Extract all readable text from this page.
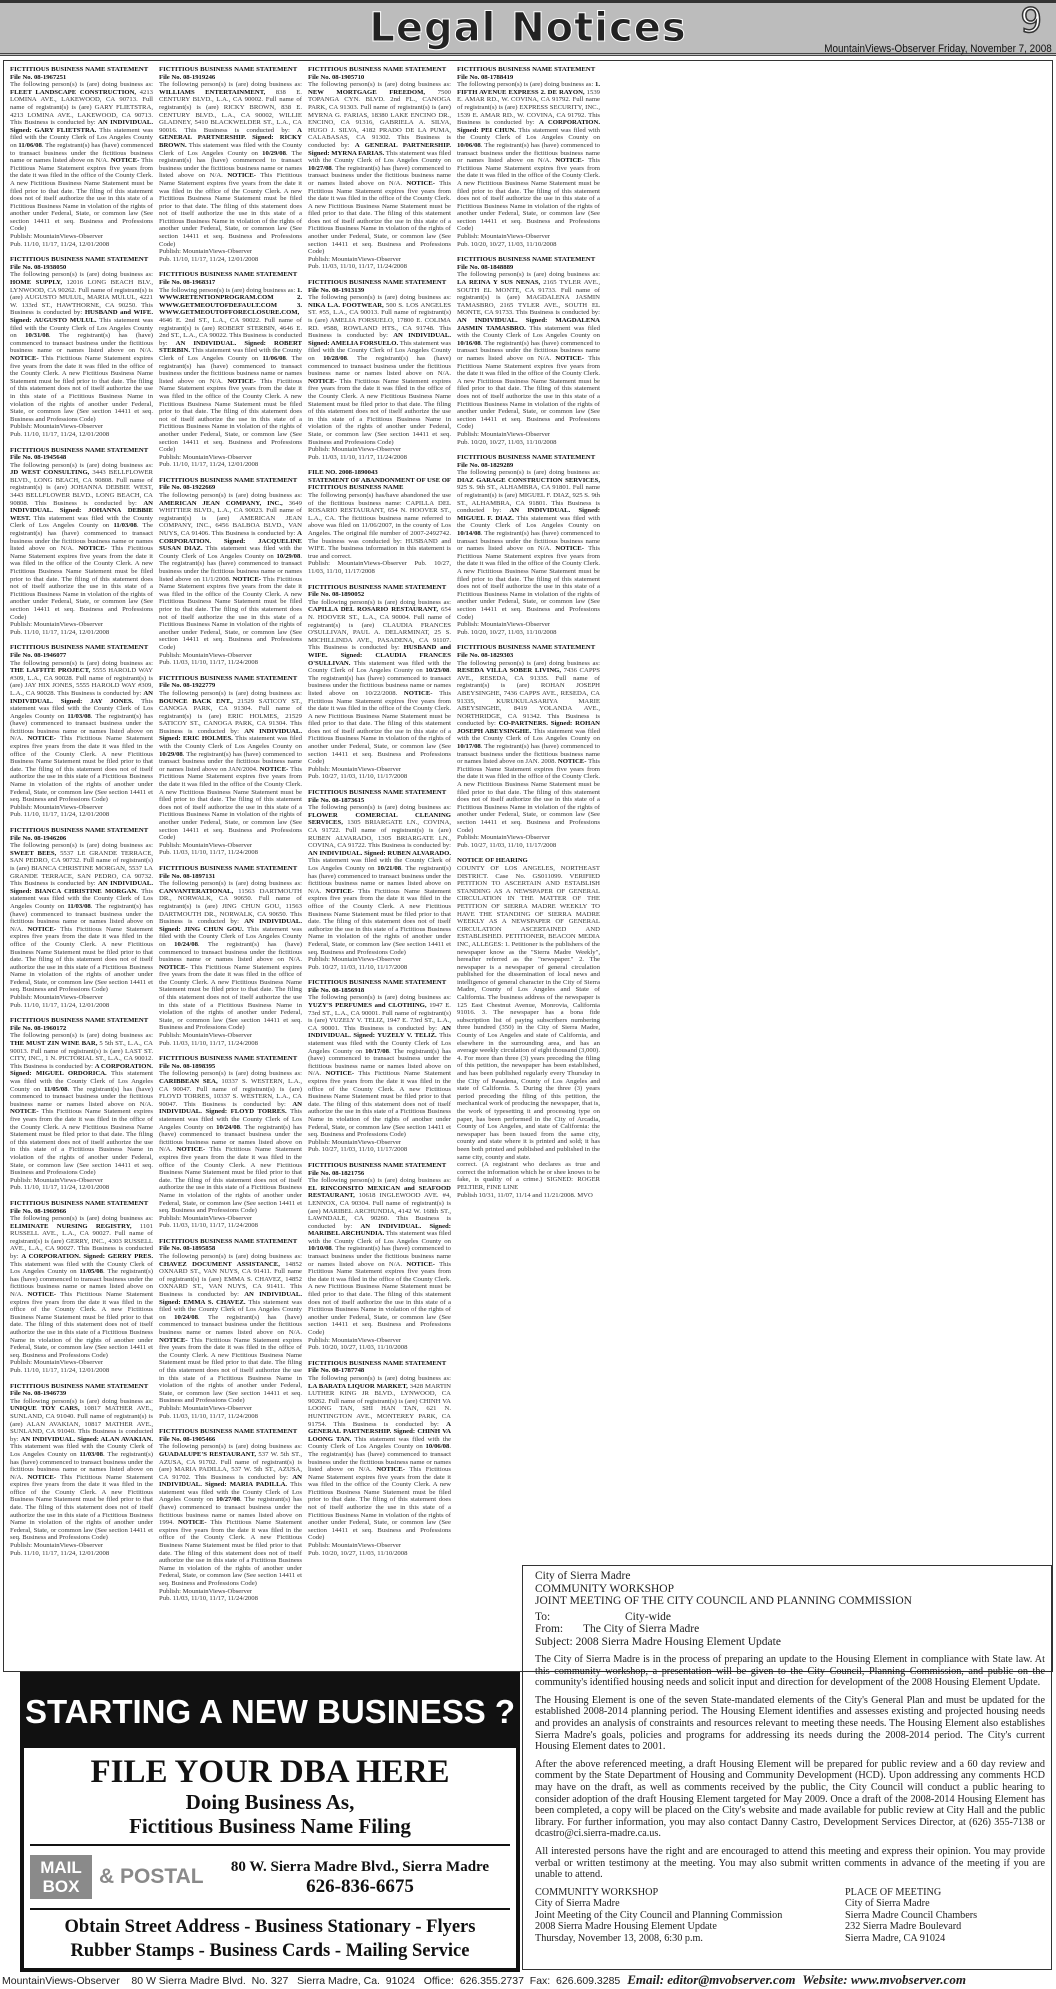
Legal Notices	9
MountainViews-Observer Friday, November 7, 2008
FICTITIOUS BUSINESS NAME STATEMENT
File No. 08-1967251
The following person(s) is (are) doing business as: FLEET LANDSCAPE CONSTRUCTION, 4213 LOMINA AVE., LAKEWOOD, CA 90713. Full name of registrant(s) is (are) GARY FLIETSTRA, 4213 LOMINA AVE., LAKEWOOD, CA 90713. This Business is conducted by: AN INDIVIDUAL. Signed: GARY FLIETSTRA. This statement was filed with the County Clerk of Los Angeles County on 11/06/08. The registrant(s) has (have) commenced to transact business under the fictitious business name or names listed above on N/A. NOTICE- This Fictitious Name Statement expires five years from the date it was filed in the office of the County Clerk. A new Fictitious Business Name Statement must be filed prior to that date. The filing of this statement does not of itself authorize the use in this state of a Fictitious Business Name in violation of the rights of another under Federal, State, or common law (See section 14411 et seq. Business and Professions Code)
Publish: MountainViews-Observer
Pub. 11/10, 11/17, 11/24, 12/01/2008
FICTITIOUS BUSINESS NAME STATEMENT
File No. 08-1938050
The following person(s) is (are) doing business as: HOME SUPPLY, 12016 LONG BEACH BLV., LYNWOOD, CA 90262. Full name of registrant(s) is (are) AUGUSTO MULUL, MARIA MULUL, 4221 W. 133rd ST., HAWTHORNE, CA 90250. This Business is conducted by: HUSBAND and WIFE. Signed: AUGUSTO MULUL. This statement was filed with the County Clerk of Los Angeles County on 10/31/08. The registrant(s) has (have) commenced to transact business under the fictitious business name or names listed above on N/A. NOTICE- This Fictitious Name Statement expires five years from the date it was filed in the office of the County Clerk. A new Fictitious Business Name Statement must be filed prior to that date. The filing of this statement does not of itself authorize the use in this state of a Fictitious Business Name in violation of the rights of another under Federal, State, or common law (See section 14411 et seq. Business and Professions Code)
Publish: MountainViews-Observer
Pub. 11/10, 11/17, 11/24, 12/01/2008
FICTITIOUS BUSINESS NAME STATEMENT
File No. 08-1945648
The following person(s) is (are) doing business as: JD WEST CONSULTING, 3443 BELLFLOWER BLVD., LONG BEACH, CA 90808. Full name of registrant(s) is (are) JOHANNA DEBBIE WEST, 3443 BELLFLOWER BLVD., LONG BEACH, CA 90808. This Business is conducted by: AN INDIVIDUAL. Signed: JOHANNA DEBBIE WEST. This statement was filed with the County Clerk of Los Angeles County on 11/03/08. The registrant(s) has (have) commenced to transact business under the fictitious business name or names listed above on N/A. NOTICE- This Fictitious Name Statement expires five years from the date it was filed in the office of the County Clerk. A new Fictitious Business Name Statement must be filed prior to that date. The filing of this statement does not of itself authorize the use in this state of a Fictitious Business Name in violation of the rights of another under Federal, State, or common law (See section 14411 et seq. Business and Professions Code)
Publish: MountainViews-Observer
Pub. 11/10, 11/17, 11/24, 12/01/2008
FICTITIOUS BUSINESS NAME STATEMENT
File No. 08-1946077
The following person(s) is (are) doing business as: THE LAFFITE PROJECT, 5555 HAROLD WAY #309, L.A., CA 90028. Full name of registrant(s) is (are) JAY HIX JONES, 5555 HAROLD WAY #309, L.A., CA 90028. This Business is conducted by: AN INDIVIDUAL. Signed: JAY JONES. This statement was filed with the County Clerk of Los Angeles County on 11/03/08. The registrant(s) has (have) commenced to transact business under the fictitious business name or names listed above on N/A. NOTICE- This Fictitious Name Statement expires five years from the date it was filed in the office of the County Clerk. A new Fictitious Business Name Statement must be filed prior to that date. The filing of this statement does not of itself authorize the use in this state of a Fictitious Business Name in violation of the rights of another under Federal, State, or common law (See section 14411 et seq. Business and Professions Code)
Publish: MountainViews-Observer
Pub. 11/10, 11/17, 11/24, 12/01/2008
FICTITIOUS BUSINESS NAME STATEMENT
File No. 08-1946206
The following person(s) is (are) doing business as: SWEET BEES, 5537 LE GRANDE TERRACE, SAN PEDRO, CA 90732. Full name of registrant(s) is (are) BIANCA CHRISTINE MORGAN, 5537 LA GRANDE TERRACE, SAN PEDRO, CA 90732. This Business is conducted by: AN INDIVIDUAL. Signed: BIANCA CHRISTINE MORGAN. This statement was filed with the County Clerk of Los Angeles County on 11/03/08. The registrant(s) has (have) commenced to transact business under the fictitious business name or names listed above on N/A. NOTICE- This Fictitious Name Statement expires five years from the date it was filed in the office of the County Clerk. A new Fictitious Business Name Statement must be filed prior to that date. The filing of this statement does not of itself authorize the use in this state of a Fictitious Business Name in violation of the rights of another under Federal, State, or common law (See section 14411 et seq. Business and Professions Code)
Publish: MountainViews-Observer
Pub. 11/10, 11/17, 11/24, 12/01/2008
FICTITIOUS BUSINESS NAME STATEMENT
File No. 08-1960172
The following person(s) is (are) doing business as: THE MUST ZIN WINE BAR, 5 5th ST., L.A., CA 90013. Full name of registrant(s) is (are) LAST ST. CITY, INC., 1 N. PICTORIAL ST., L.A., CA 90012. This Business is conducted by: A CORPORATION. Signed: MIGUEL ORDORICA. This statement was filed with the County Clerk of Los Angeles County on 11/05/08. The registrant(s) has (have) commenced to transact business under the fictitious business name or names listed above on N/A. NOTICE- This Fictitious Name Statement expires five years from the date it was filed in the office of the County Clerk. A new Fictitious Business Name Statement must be filed prior to that date. The filing of this statement does not of itself authorize the use in this state of a Fictitious Business Name in violation of the rights of another under Federal, State, or common law (See section 14411 et seq. Business and Professions Code)
Publish: MountainViews-Observer
Pub. 11/10, 11/17, 11/24, 12/01/2008
FICTITIOUS BUSINESS NAME STATEMENT
File No. 08-1960966
The following person(s) is (are) doing business as: ELIMINATE NURSING REGISTRY, 1101 RUSSELL AVE., L.A., CA 90027. Full name of registrant(s) is (are) GERRY, INC., 4303 RUSSELL AVE., L.A., CA 90027. This Business is conducted by: A CORPORATION. Signed: GERRY PRES. This statement was filed with the County Clerk of Los Angeles County on 11/05/08. The registrant(s) has (have) commenced to transact business under the fictitious business name or names listed above on N/A. NOTICE- This Fictitious Name Statement expires five years from the date it was filed in the office of the County Clerk. A new Fictitious Business Name Statement must be filed prior to that date. The filing of this statement does not of itself authorize the use in this state of a Fictitious Business Name in violation of the rights of another under Federal, State, or common law (See section 14411 et seq. Business and Professions Code)
Publish: MountainViews-Observer
Pub. 11/10, 11/17, 11/24, 12/01/2008
FICTITIOUS BUSINESS NAME STATEMENT
File No. 08-1946739
The following person(s) is (are) doing business as: UNIQUE TOY CARS, 10817 MATHER AVE., SUNLAND, CA 91040. Full name of registrant(s) is (are) ALAN AVAKIAN, 10817 MATHER AVE., SUNLAND, CA 91040. This Business is conducted by: AN INDIVIDUAL. Signed: ALAN AVAKIAN. This statement was filed with the County Clerk of Los Angeles County on 11/03/08. The registrant(s) has (have) commenced to transact business under the fictitious business name or names listed above on N/A. NOTICE- This Fictitious Name Statement expires five years from the date it was filed in the office of the County Clerk. A new Fictitious Business Name Statement must be filed prior to that date. The filing of this statement does not of itself authorize the use in this state of a Fictitious Business Name in violation of the rights of another under Federal, State, or common law (See section 14411 et seq. Business and Professions Code)
Publish: MountainViews-Observer
Pub. 11/10, 11/17, 11/24, 12/01/2008
FICTITIOUS BUSINESS NAME STATEMENT
File No. 08-1919246
The following person(s) is (are) doing business as: WILLIAMS ENTERTAINMENT, 838 E. CENTURY BLVD., L.A., CA 90002. Full name of registrant(s) is (are) RICKY BROWN, 838 E. CENTURY BLVD., L.A., CA 90002, WILLIE GLADNEY, 5410 BLACKWELDER ST., L.A., CA 90016. This Business is conducted by: A GENERAL PARTNERSHIP. Signed: RICKY BROWN. This statement was filed with the County Clerk of Los Angeles County on 10/29/08. The registrant(s) has (have) commenced to transact business under the fictitious business name or names listed above on N/A. NOTICE- This Fictitious Name Statement expires five years from the date it was filed in the office of the County Clerk. A new Fictitious Business Name Statement must be filed prior to that date. The filing of this statement does not of itself authorize the use in this state of a Fictitious Business Name in violation of the rights of another under Federal, State, or common law (See section 14411 et seq. Business and Professions Code)
Publish: MountainViews-Observer
Pub. 11/10, 11/17, 11/24, 12/01/2008
FICTITIOUS BUSINESS NAME STATEMENT
File No. 08-1968317
The following person(s) is (are) doing business as: 1. WWW.RETENTIONPROGRAM.COM 2. WWW.GETMEOUTOFDEFAULT.COM 3. WWW.GETMEOUTOFFORECLOSURE.COM, 4646 E. 2nd ST., L.A., CA 90022. Full name of registrant(s) is (are) ROBERT STERBIN, 4646 E. 2nd ST., L.A., CA 90022. This Business is conducted by: AN INDIVIDUAL. Signed: ROBERT STERBIN. This statement was filed with the County Clerk of Los Angeles County on 11/06/08. The registrant(s) has (have) commenced to transact business under the fictitious business name or names listed above on N/A. NOTICE- This Fictitious Name Statement expires five years from the date it was filed in the office of the County Clerk. A new Fictitious Business Name Statement must be filed prior to that date. The filing of this statement does not of itself authorize the use in this state of a Fictitious Business Name in violation of the rights of another under Federal, State, or common law (See section 14411 et seq. Business and Professions Code)
Publish: MountainViews-Observer
Pub. 11/10, 11/17, 11/24, 12/01/2008
FICTITIOUS BUSINESS NAME STATEMENT
File No. 08-1922669
The following person(s) is (are) doing business as: AMERICAN JEAN COMPANY, INC., 3649 WHITTIER BLVD., L.A., CA 90023. Full name of registrant(s) is (are) AMERICAN JEAN COMPANY, INC., 6456 BALBOA BLVD., VAN NUYS, CA 91406. This Business is conducted by: A CORPORATION. Signed: JACQUELINE SUSAN DIAZ. This statement was filed with the County Clerk of Los Angeles County on 10/29/08. The registrant(s) has (have) commenced to transact business under the fictitious business name or names listed above on 11/1/2008. NOTICE- This Fictitious Name Statement expires five years from the date it was filed in the office of the County Clerk. A new Fictitious Business Name Statement must be filed prior to that date. The filing of this statement does not of itself authorize the use in this state of a Fictitious Business Name in violation of the rights of another under Federal, State, or common law (See section 14411 et seq. Business and Professions Code)
Publish: MountainViews-Observer
Pub. 11/03, 11/10, 11/17, 11/24/2008
FICTITIOUS BUSINESS NAME STATEMENT
File No. 08-1922779
The following person(s) is (are) doing business as: BOUNCE BACK ENT., 21529 SATICOY ST., CANOGA PARK, CA 91304. Full name of registrant(s) is (are) ERIC HOLMES, 21529 SATICOY ST., CANOGA PARK, CA 91304. This Business is conducted by: AN INDIVIDUAL. Signed: ERIC HOLMES. This statement was filed with the County Clerk of Los Angeles County on 10/29/08. The registrant(s) has (have) commenced to transact business under the fictitious business name or names listed above on JAN/2004. NOTICE- This Fictitious Name Statement expires five years from the date it was filed in the office of the County Clerk. A new Fictitious Business Name Statement must be filed prior to that date. The filing of this statement does not of itself authorize the use in this state of a Fictitious Business Name in violation of the rights of another under Federal, State, or common law (See section 14411 et seq. Business and Professions Code)
Publish: MountainViews-Observer
Pub. 11/03, 11/10, 11/17, 11/24/2008
FICTITIOUS BUSINESS NAME STATEMENT
File No. 08-1897131
The following person(s) is (are) doing business as: CANVANTERATIONAL, 11563 DARTMOUTH DR., NORWALK, CA 90650. Full name of registrant(s) is (are) JING CHUN GOU, 11563 DARTMOUTH DR., NORWALK, CA 90650. This Business is conducted by: AN INDIVIDUAL. Signed: JING CHUN GOU. This statement was filed with the County Clerk of Los Angeles County on 10/24/08. The registrant(s) has (have) commenced to transact business under the fictitious business name or names listed above on N/A. NOTICE- This Fictitious Name Statement expires five years from the date it was filed in the office of the County Clerk. A new Fictitious Business Name Statement must be filed prior to that date. The filing of this statement does not of itself authorize the use in this state of a Fictitious Business Name in violation of the rights of another under Federal, State, or common law (See section 14411 et seq. Business and Professions Code)
Publish: MountainViews-Observer
Pub. 11/03, 11/10, 11/17, 11/24/2008
FICTITIOUS BUSINESS NAME STATEMENT
File No. 08-1898395
The following person(s) is (are) doing business as: CARIBBEAN SEA, 10337 S. WESTERN, L.A., CA 90047. Full name of registrant(s) is (are) FLOYD TORRES, 10337 S. WESTERN, L.A., CA 90047. This Business is conducted by: AN INDIVIDUAL. Signed: FLOYD TORRES. This statement was filed with the County Clerk of Los Angeles County on 10/24/08. The registrant(s) has (have) commenced to transact business under the fictitious business name or names listed above on N/A. NOTICE- This Fictitious Name Statement expires five years from the date it was filed in the office of the County Clerk. A new Fictitious Business Name Statement must be filed prior to that date. The filing of this statement does not of itself authorize the use in this state of a Fictitious Business Name in violation of the rights of another under Federal, State, or common law (See section 14411 et seq. Business and Professions Code)
Publish: MountainViews-Observer
Pub. 11/03, 11/10, 11/17, 11/24/2008
FICTITIOUS BUSINESS NAME STATEMENT
File No. 08-1895858
The following person(s) is (are) doing business as: CHAVEZ DOCUMENT ASSISTANCE, 14852 OXNARD ST., VAN NUYS, CA 91411. Full name of registrant(s) is (are) EMMA S. CHAVEZ, 14852 OXNARD ST., VAN NUYS, CA 91411. This Business is conducted by: AN INDIVIDUAL. Signed: EMMA S. CHAVEZ. This statement was filed with the County Clerk of Los Angeles County on 10/24/08. The registrant(s) has (have) commenced to transact business under the fictitious business name or names listed above on N/A. NOTICE- This Fictitious Name Statement expires five years from the date it was filed in the office of the County Clerk. A new Fictitious Business Name Statement must be filed prior to that date. The filing of this statement does not of itself authorize the use in this state of a Fictitious Business Name in violation of the rights of another under Federal, State, or common law (See section 14411 et seq. Business and Professions Code)
Publish: MountainViews-Observer
Pub. 11/03, 11/10, 11/17, 11/24/2008
FICTITIOUS BUSINESS NAME STATEMENT
File No. 08-1905466
The following person(s) is (are) doing business as: GUADALUPE'S RESTAURANT, 537 W. 5th ST., AZUSA, CA 91702. Full name of registrant(s) is (are) MARIA PADILLA, 537 W. 5th ST., AZUSA, CA 91702. This Business is conducted by: AN INDIVIDUAL. Signed: MARIA PADILLA. This statement was filed with the County Clerk of Los Angeles County on 10/27/08. The registrant(s) has (have) commenced to transact business under the fictitious business name or names listed above on 1994. NOTICE- This Fictitious Name Statement expires five years from the date it was filed in the office of the County Clerk. A new Fictitious Business Name Statement must be filed prior to that date. The filing of this statement does not of itself authorize the use in this state of a Fictitious Business Name in violation of the rights of another under Federal, State, or common law (See section 14411 et seq. Business and Professions Code)
Publish: MountainViews-Observer
Pub. 11/03, 11/10, 11/17, 11/24/2008
FICTITIOUS BUSINESS NAME STATEMENT
File No. 08-1905710
The following person(s) is (are) doing business as: NEW MORTGAGE FREEDOM, 7500 TOPANGA CYN. BLVD. 2nd FL., CANOGA PARK, CA 91303. Full name of registrant(s) is (are) MYRNA G. FARIAS, 18380 LAKE ENCINO DR., ENCINO, CA 91316, GABRIELA A. SILVA, HUGO J. SILVA, 4182 PRADO DE LA PUMA, CALABASAS, CA 91302. This Business is conducted by: A GENERAL PARTNERSHIP. Signed: MYRNA FARIAS. This statement was filed with the County Clerk of Los Angeles County on 10/27/08. The registrant(s) has (have) commenced to transact business under the fictitious business name or names listed above on N/A. NOTICE- This Fictitious Name Statement expires five years from the date it was filed in the office of the County Clerk. A new Fictitious Business Name Statement must be filed prior to that date. The filing of this statement does not of itself authorize the use in this state of a Fictitious Business Name in violation of the rights of another under Federal, State, or common law (See section 14411 et seq. Business and Professions Code)
Publish: MountainViews-Observer
Pub. 11/03, 11/10, 11/17, 11/24/2008
FICTITIOUS BUSINESS NAME STATEMENT
File No. 08-1913139
The following person(s) is (are) doing business as: NIKA L.A. FOOTWEAR, 500 S. LOS ANGELES ST. #55, L.A., CA 90013. Full name of registrant(s) is (are) AMELIA FORSUELO, 17800 E. COLIMA RD. #588, ROWLAND HTS., CA 91748. This Business is conducted by: AN INDIVIDUAL. Signed: AMELIA FORSUELO. This statement was filed with the County Clerk of Los Angeles County on 10/28/08. The registrant(s) has (have) commenced to transact business under the fictitious business name or names listed above on N/A. NOTICE- This Fictitious Name Statement expires five years from the date it was filed in the office of the County Clerk. A new Fictitious Business Name Statement must be filed prior to that date. The filing of this statement does not of itself authorize the use in this state of a Fictitious Business Name in violation of the rights of another under Federal, State, or common law (See section 14411 et seq. Business and Professions Code)
Publish: MountainViews-Observer
Pub. 11/03, 11/10, 11/17, 11/24/2008
FILE NO. 2008-1890043
STATEMENT OF ABANDONMENT OF USE OF FICTITIOUS BUSINESS NAME
The following person(s) has/have abandoned the use of the fictitious business name: CAPILLA DEL ROSARIO RESTAURANT, 654 N. HOOVER ST., L.A., CA. The fictitious business name referred to above was filed on 11/06/2007, in the county of Los Angeles. The original file number of 2007-2492742. The business was conducted by: HUSBAND and WIFE. The business information in this statement is true and correct.
Publish: MountainViews-Observer Pub. 10/27, 11/03, 11/10, 11/17/2008
FICTITIOUS BUSINESS NAME STATEMENT
File No. 08-1890052
The following person(s) is (are) doing business as: CAPILLA DEL ROSARIO RESTAURANT, 654 N. HOOVER ST., L.A., CA 90004. Full name of registrant(s) is (are) CLAUDIA FRANCES O'SULLIVAN, PAUL A. DELARMINAT, 25 S. MICHILLINDA AVE., PASADENA, CA 91107. This Business is conducted by: HUSBAND and WIFE. Signed: CLAUDIA FRANCES O'SULLIVAN. This statement was filed with the County Clerk of Los Angeles County on 10/23/08. The registrant(s) has (have) commenced to transact business under the fictitious business name or names listed above on 10/22/2008. NOTICE- This Fictitious Name Statement expires five years from the date it was filed in the office of the County Clerk. A new Fictitious Business Name Statement must be filed prior to that date. The filing of this statement does not of itself authorize the use in this state of a Fictitious Business Name in violation of the rights of another under Federal, State, or common law (See section 14411 et seq. Business and Professions Code)
Publish: MountainViews-Observer
Pub. 10/27, 11/03, 11/10, 11/17/2008
FICTITIOUS BUSINESS NAME STATEMENT
File No. 08-1873615
The following person(s) is (are) doing business as: FLOWER COMERCIAL CLEANING SERVICES, 1305 BRIARGATE LN., COVINA, CA 91722. Full name of registrant(s) is (are) RUBEN ALVARADO, 1305 BRIARGATE LN., COVINA, CA 91722. This Business is conducted by: AN INDIVIDUAL. Signed: RUBEN ALVARADO. This statement was filed with the County Clerk of Los Angeles County on 10/21/08. The registrant(s) has (have) commenced to transact business under the fictitious business name or names listed above on N/A. NOTICE- This Fictitious Name Statement expires five years from the date it was filed in the office of the County Clerk. A new Fictitious Business Name Statement must be filed prior to that date. The filing of this statement does not of itself authorize the use in this state of a Fictitious Business Name in violation of the rights of another under Federal, State, or common law (See section 14411 et seq. Business and Professions Code)
Publish: MountainViews-Observer
Pub. 10/27, 11/03, 11/10, 11/17/2008
FICTITIOUS BUSINESS NAME STATEMENT
File No. 08-1856918
The following person(s) is (are) doing business as: YUZY'S PERFUMES and CLOTHING, 1947 E. 73rd ST., L.A., CA 90001. Full name of registrant(s) is (are) YUZELY V. TELIZ, 1947 E. 73rd ST., L.A., CA 90001. This Business is conducted by: AN INDIVIDUAL. Signed: YUZELY V. TELIZ. This statement was filed with the County Clerk of Los Angeles County on 10/17/08. The registrant(s) has (have) commenced to transact business under the fictitious business name or names listed above on N/A. NOTICE- This Fictitious Name Statement expires five years from the date it was filed in the office of the County Clerk. A new Fictitious Business Name Statement must be filed prior to that date. The filing of this statement does not of itself authorize the use in this state of a Fictitious Business Name in violation of the rights of another under Federal, State, or common law (See section 14411 et seq. Business and Professions Code)
Publish: MountainViews-Observer
Pub. 10/27, 11/03, 11/10, 11/17/2008
FICTITIOUS BUSINESS NAME STATEMENT
File No. 08-1821756
The following person(s) is (are) doing business as: EL RINCONSITO MEXICAN and SEAFOOD RESTAURANT, 10618 INGLEWOOD AVE. #4, LENNOX, CA 90304. Full name of registrant(s) is (are) MARIBEL ARCHUNDIA, 4142 W. 168th ST., LAWNDALE, CA 90260. This Business is conducted by: AN INDIVIDUAL. Signed: MARIBEL ARCHUNDIA. This statement was filed with the County Clerk of Los Angeles County on 10/10/08. The registrant(s) has (have) commenced to transact business under the fictitious business name or names listed above on N/A. NOTICE- This Fictitious Name Statement expires five years from the date it was filed in the office of the County Clerk. A new Fictitious Business Name Statement must be filed prior to that date. The filing of this statement does not of itself authorize the use in this state of a Fictitious Business Name in violation of the rights of another under Federal, State, or common law (See section 14411 et seq. Business and Professions Code)
Publish: MountainViews-Observer
Pub. 10/20, 10/27, 11/03, 11/10/2008
FICTITIOUS BUSINESS NAME STATEMENT
File No. 08-1787748
The following person(s) is (are) doing business as: LA BARATA LIQUOR MARKET, 3428 MARTIN LUTHER KING JR BLVD., LYNWOOD, CA 90262. Full name of registrant(s) is (are) CHINH VA LOONG TAN, SHI HAN TAN, 621 N. HUNTINGTON AVE., MONTEREY PARK, CA 91754. This Business is conducted by: A GENERAL PARTNERSHIP. Signed: CHINH VA LOONG TAN. This statement was filed with the County Clerk of Los Angeles County on 10/06/08. The registrant(s) has (have) commenced to transact business under the fictitious business name or names listed above on N/A. NOTICE- This Fictitious Name Statement expires five years from the date it was filed in the office of the County Clerk. A new Fictitious Business Name Statement must be filed prior to that date. The filing of this statement does not of itself authorize the use in this state of a Fictitious Business Name in violation of the rights of another under Federal, State, or common law (See section 14411 et seq. Business and Professions Code)
Publish: MountainViews-Observer
Pub. 10/20, 10/27, 11/03, 11/10/2008
FICTITIOUS BUSINESS NAME STATEMENT
File No. 08-1788419
The following person(s) is (are) doing business as: 1. FIFTH AVENUE EXPRESS 2. DE RAYON, 1539 E. AMAR RD., W. COVINA, CA 91792. Full name of registrant(s) is (are) EXPRESS SECURITY, INC., 1539 E. AMAR RD., W. COVINA, CA 91792. This Business is conducted by: A CORPORATION. Signed: PEI CHUN. This statement was filed with the County Clerk of Los Angeles County on 10/06/08. The registrant(s) has (have) commenced to transact business under the fictitious business name or names listed above on N/A. NOTICE- This Fictitious Name Statement expires five years from the date it was filed in the office of the County Clerk. A new Fictitious Business Name Statement must be filed prior to that date. The filing of this statement does not of itself authorize the use in this state of a Fictitious Business Name in violation of the rights of another under Federal, State, or common law (See section 14411 et seq. Business and Professions Code)
Publish: MountainViews-Observer
Pub. 10/20, 10/27, 11/03, 11/10/2008
FICTITIOUS BUSINESS NAME STATEMENT
File No. 08-1848889
The following person(s) is (are) doing business as: LA REINA Y SUS NENAS, 2165 TYLER AVE., SOUTH EL MONTE, CA 91733. Full name of registrant(s) is (are) MAGDALENA JASMIN TAMASBRO, 2165 TYLER AVE., SOUTH EL MONTE, CA 91733. This Business is conducted by: AN INDIVIDUAL. Signed: MAGDALENA JASMIN TAMASBRO. This statement was filed with the County Clerk of Los Angeles County on 10/16/08. The registrant(s) has (have) commenced to transact business under the fictitious business name or names listed above on N/A. NOTICE- This Fictitious Name Statement expires five years from the date it was filed in the office of the County Clerk. A new Fictitious Business Name Statement must be filed prior to that date. The filing of this statement does not of itself authorize the use in this state of a Fictitious Business Name in violation of the rights of another under Federal, State, or common law (See section 14411 et seq. Business and Professions Code)
Publish: MountainViews-Observer
Pub. 10/20, 10/27, 11/03, 11/10/2008
FICTITIOUS BUSINESS NAME STATEMENT
File No. 08-1829289
The following person(s) is (are) doing business as: DIAZ GARAGE CONSTRUCTION SERVICES, 925 S. 9th ST., ALHAMBRA, CA 91801. Full name of registrant(s) is (are) MIGUEL F. DIAZ, 925 S. 9th ST., ALHAMBRA, CA 91801. This Business is conducted by: AN INDIVIDUAL. Signed: MIGUEL F. DIAZ. This statement was filed with the County Clerk of Los Angeles County on 10/14/08. The registrant(s) has (have) commenced to transact business under the fictitious business name or names listed above on N/A. NOTICE- This Fictitious Name Statement expires five years from the date it was filed in the office of the County Clerk. A new Fictitious Business Name Statement must be filed prior to that date. The filing of this statement does not of itself authorize the use in this state of a Fictitious Business Name in violation of the rights of another under Federal, State, or common law (See section 14411 et seq. Business and Professions Code)
Publish: MountainViews-Observer
Pub. 10/20, 10/27, 11/03, 11/10/2008
FICTITIOUS BUSINESS NAME STATEMENT
File No. 08-1829303
The following person(s) is (are) doing business as: RESEDA VILLA SOBER LIVING, 7436 CAPPS AVE., RESEDA, CA 91335. Full name of registrant(s) is (are) ROHAN JOSEPH ABEYSINGHE, 7436 CAPPS AVE., RESEDA, CA 91335, KURUKULASARIYA MARIE ABEYSINGHE, 8419 YOLANDA AVE., NORTHRIDGE, CA 91342. This Business is conducted by: CO-PARTNERS. Signed: ROHAN JOSEPH ABEYSINGHE. This statement was filed with the County Clerk of Los Angeles County on 10/17/08. The registrant(s) has (have) commenced to transact business under the fictitious business name or names listed above on JAN. 2008. NOTICE- This Fictitious Name Statement expires five years from the date it was filed in the office of the County Clerk. A new Fictitious Business Name Statement must be filed prior to that date. The filing of this statement does not of itself authorize the use in this state of a Fictitious Business Name in violation of the rights of another under Federal, State, or common law (See section 14411 et seq. Business and Professions Code)
Publish: MountainViews-Observer
Pub. 10/27, 11/03, 11/10, 11/17/2008
NOTICE OF HEARING
COUNTY OF LOS ANGELES, NORTHEAST DISTRICT. Case No. GS011099. VERIFIED PETITION TO ASCERTAIN AND ESTABLISH STANDING AS A NEWSPAPER OF GENERAL CIRCULATION IN THE MATTER OF THE PETITION OF SIERRA MADRE WEEKLY TO HAVE THE STANDING OF SIERRA MADRE WEEKLY AS A NEWSPAPER OF GENERAL CIRCULATION ASCERTAINED AND ESTABLISHED. PETITIONER, BEACON MEDIA INC, ALLEGES: 1. Petitioner is the publishers of the newspaper know as the "Sierra Madre Weekly", hereafter referred as the "newspaper." 2. The newspaper is a newspaper of general circulation published for the dissemination of local news and intelligence of general character in the City of Sierra Madre, County of Los Angeles and State of California. The business address of the newspaper is 125 East Chestnut Avenue, Monrovia, California 91016. 3. The newspaper has a bona fide subscription list of paying subscribers numbering three hundred (350) in the City of Sierra Madre, County of Los Angeles and state of California, and elsewhere in the surrounding area, and has an average weekly circulation of eight thousand (3,000). 4. For more than three (3) years preceding the filing of this petition, the newspaper has been established, and has been published regularly every Thursday in the City of Pasadena, County of Los Angeles and state of California. 5. During the three (3) years period preceding the filing of this petition, the mechanical work of producing the newspaper, that is, the work of typesetting it and processing type on paper, has been performed in the City of Arcadia, County of Los Angeles, and state of California: the newspaper has been issued from the same city, county and state where it is printed and sold; it has been both printed and published and published in the same city, county and state.
correct. (A registrant who declares as true and correct the information which he or shee knows to be fake, is quality of a crime.) SIGNED: ROGER PELTIER, FINE LINE
Publish 10/31, 11/07, 11/14 and 11/21/2008. MVO
City of Sierra Madre
COMMUNITY WORKSHOP
JOINT MEETING OF THE CITY COUNCIL AND PLANNING COMMISSION
To:	City-wide
From: The City of Sierra Madre
Subject: 2008 Sierra Madre Housing Element Update

The City of Sierra Madre is in the process of preparing an update to the Housing Element in compliance with State law. At this community workshop, a presentation will be given to the City Council, Planning Commission, and public on the community's identified housing needs and solicit input and direction for development of the 2008 Housing Element Update.

The Housing Element is one of the seven State-mandated elements of the City's General Plan and must be updated for the established 2008-2014 planning period. The Housing Element identifies and assesses existing and projected housing needs and provides an analysis of constraints and resources relevant to meeting these needs. The Housing Element also establishes Sierra Madre's goals, policies and programs for addressing its needs during the 2008-2014 period. The City's current Housing Element dates to 2001.

After the above referenced meeting, a draft Housing Element will be prepared for public review and a 60 day review and comment by the State Department of Housing and Community Development (HCD). Upon addressing any comments HCD may have on the draft, as well as comments received by the public, the City Council will conduct a public hearing to consider adoption of the draft Housing Element targeted for May 2009. Once a draft of the 2008-2014 Housing Element has been completed, a copy will be placed on the City's website and made available for public review at City Hall and the public library. For further information, you may also contact Danny Castro, Development Services Director, at (626) 355-7138 or dcastro@ci.sierra-madre.ca.us.

All interested persons have the right and are encouraged to attend this meeting and express their opinion. You may provide verbal or written testimony at the meeting. You may also submit written comments in advance of the meeting if you are unable to attend.

COMMUNITY WORKSHOP
City of Sierra Madre
Joint Meeting of the City Council and Planning Commission
2008 Sierra Madre Housing Element Update
Thursday, November 13, 2008, 6:30 p.m.
PLACE OF MEETING
City of Sierra Madre
Sierra Madre Council Chambers
232 Sierra Madre Boulevard
Sierra Madre, CA 91024
STARTING A NEW BUSINESS ?
FILE YOUR DBA HERE
Doing Business As,
Fictitious Business Name Filing
MAIL
BOX & POSTAL	80 W. Sierra Madre Blvd., Sierra Madre
626-836-6675
Obtain Street Address - Business Stationary - Flyers
Rubber Stamps - Business Cards - Mailing Service
MountainViews-Observer    80 W Sierra Madre Blvd.  No. 327   Sierra Madre, Ca.  91024   Office:  626.355.2737  Fax:  626.609.3285 Email: editor@mvobserver.com Website: www.mvobserver.com
